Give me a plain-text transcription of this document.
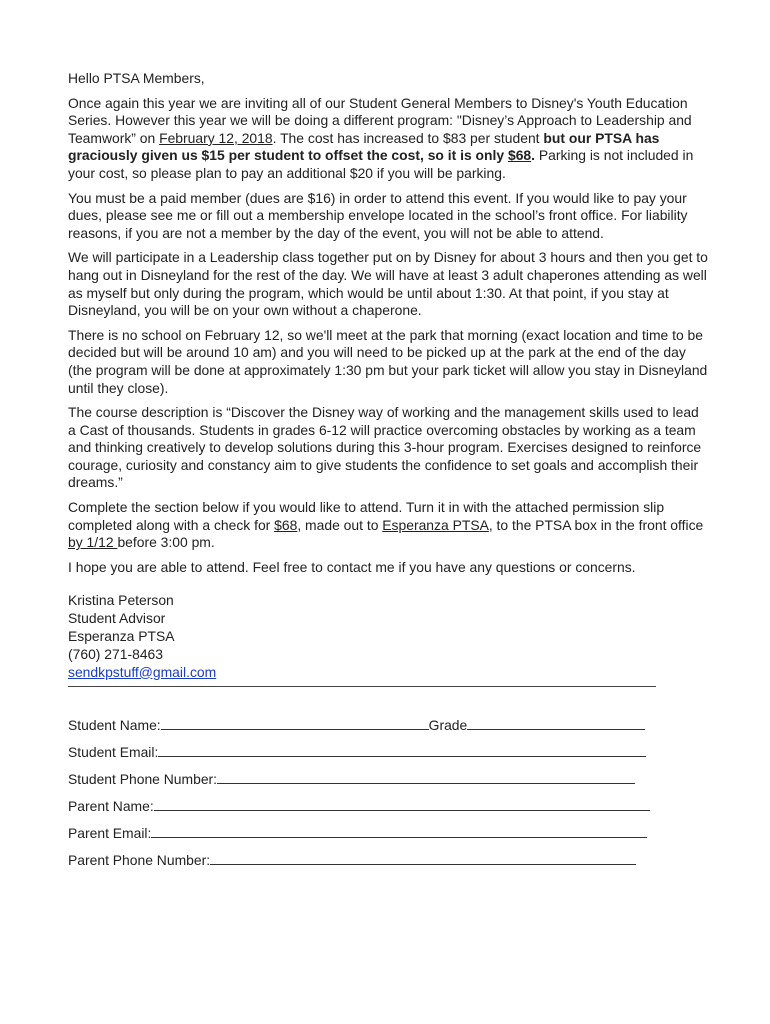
Hello PTSA Members,

Once again this year we are inviting all of our Student General Members to Disney's Youth Education Series. However this year we will be doing a different program: "Disney’s Approach to Leadership and Teamwork” on February 12, 2018. The cost has increased to $83 per student but our PTSA has graciously given us $15 per student to offset the cost, so it is only $68. Parking is not included in your cost, so please plan to pay an additional $20 if you will be parking.

You must be a paid member (dues are $16) in order to attend this event. If you would like to pay your dues, please see me or fill out a membership envelope located in the school’s front office. For liability reasons, if you are not a member by the day of the event, you will not be able to attend.

We will participate in a Leadership class together put on by Disney for about 3 hours and then you get to hang out in Disneyland for the rest of the day. We will have at least 3 adult chaperones attending as well as myself but only during the program, which would be until about 1:30. At that point, if you stay at Disneyland, you will be on your own without a chaperone.

There is no school on February 12, so we'll meet at the park that morning (exact location and time to be decided but will be around 10 am) and you will need to be picked up at the park at the end of the day (the program will be done at approximately 1:30 pm but your park ticket will allow you stay in Disneyland until they close).

The course description is “Discover the Disney way of working and the management skills used to lead a Cast of thousands. Students in grades 6-12 will practice overcoming obstacles by working as a team and thinking creatively to develop solutions during this 3-hour program. Exercises designed to reinforce courage, curiosity and constancy aim to give students the confidence to set goals and accomplish their dreams.”

Complete the section below if you would like to attend. Turn it in with the attached permission slip completed along with a check for $68, made out to Esperanza PTSA, to the PTSA box in the front office by 1/12 before 3:00 pm.

I hope you are able to attend. Feel free to contact me if you have any questions or concerns.

Kristina Peterson
Student Advisor
Esperanza PTSA
(760) 271-8463
sendkpstuff@gmail.com
Student Name:	Grade
Student Email:
Student Phone Number:
Parent Name:
Parent Email:
Parent Phone Number:
